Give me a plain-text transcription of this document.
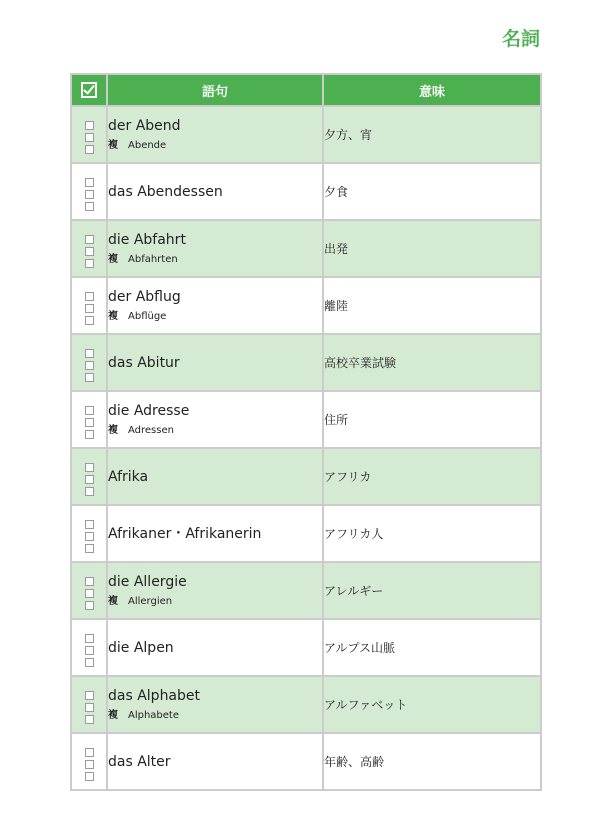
名詞
	語句	意味

	der Abend
複 Abende	夕方、宵

	das Abendessen	夕食

	die Abfahrt
複 Abfahrten	出発

	der Abflug
複 Abflüge	離陸

	das Abitur	高校卒業試験

	die Adresse
複 Adressen	住所

	Afrika	アフリカ

	Afrikaner・Afrikanerin	アフリカ人

	die Allergie
複 Allergien	アレルギー

	die Alpen	アルプス山脈

	das Alphabet
複 Alphabete	アルファベット

	das Alter	年齢、高齢
